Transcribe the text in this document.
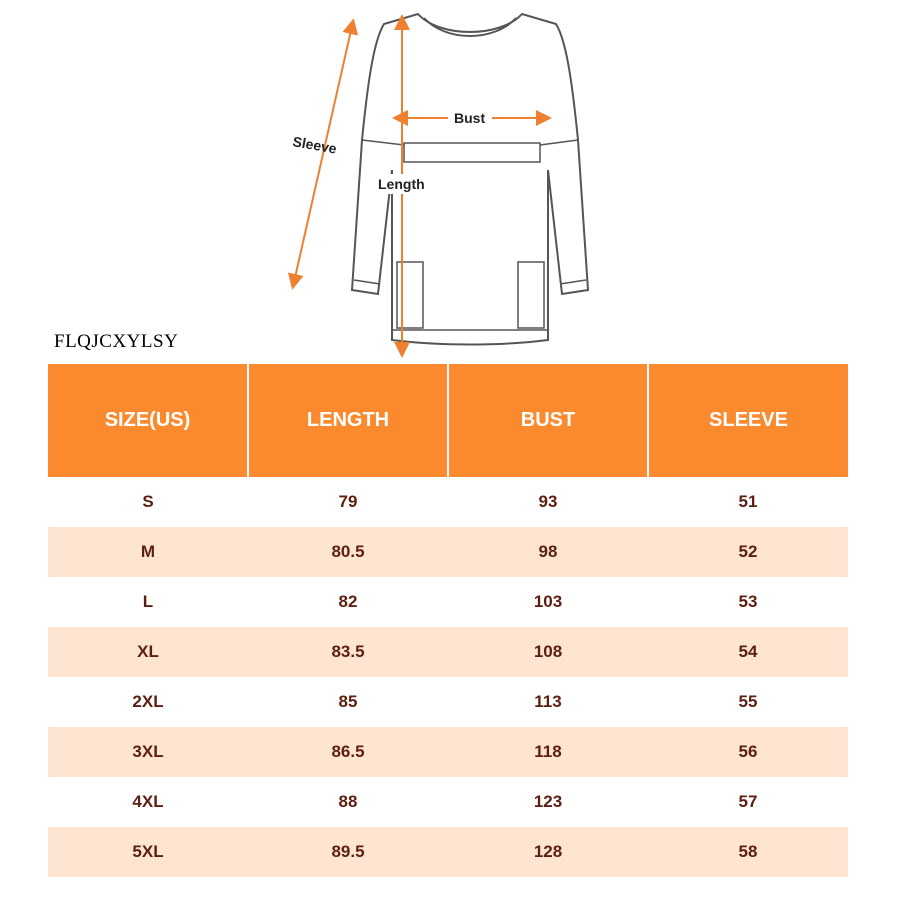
Sleeve
Bust
Length
FLQJCXYLSY
SIZE(US)	LENGTH	BUST	SLEEVE
S	79	93	51
M	80.5	98	52
L	82	103	53
XL	83.5	108	54
2XL	85	113	55
3XL	86.5	118	56
4XL	88	123	57
5XL	89.5	128	58
